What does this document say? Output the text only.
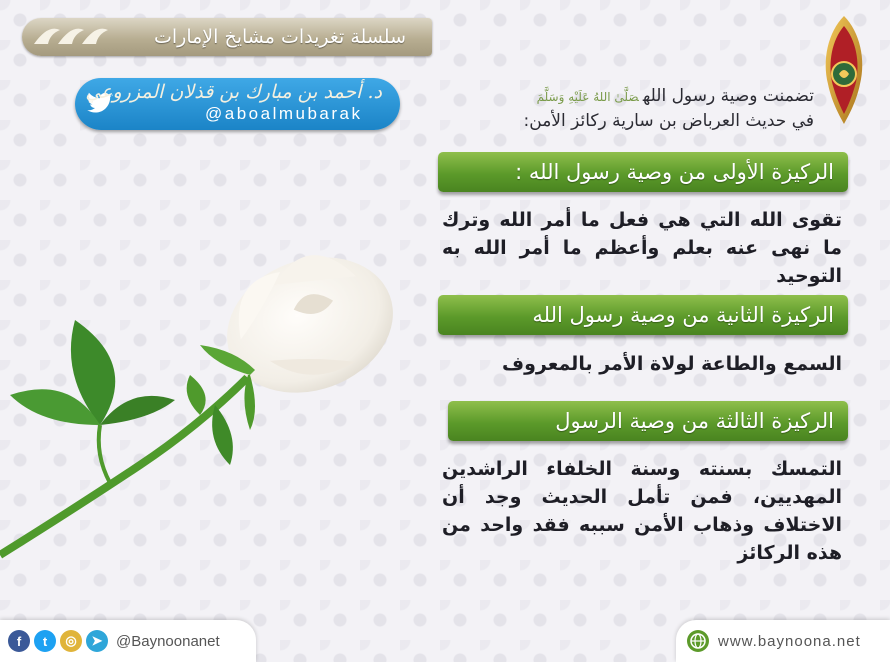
سلسلة تغريدات مشايخ الإمارات
د. أحمد بن مبارك بن قذلان المزروعي
@aboalmubarak
تضمنت وصية رسول اللهصَلَّىٰ اللهُ عَلَيْهِ وَسَلَّمَ
في حديث العرباض بن سارية ركائز الأمن:
الركيزة الأولى من وصية رسول الله :
تقوى الله التي هي فعل ما أمر الله وترك ما نهى عنه بعلم وأعظم ما أمر الله به التوحيد
الركيزة الثانية من وصية رسول الله
السمع والطاعة لولاة الأمر بالمعروف
الركيزة الثالثة من وصية الرسول
التمسك بسنته وسنة الخلفاء الراشدين المهديين، فمن تأمل الحديث وجد أن الاختلاف وذهاب الأمن سببه فقد واحد من هذه الركائز
f	t	◎	➤ @Baynoonanet	www.baynoona.net
